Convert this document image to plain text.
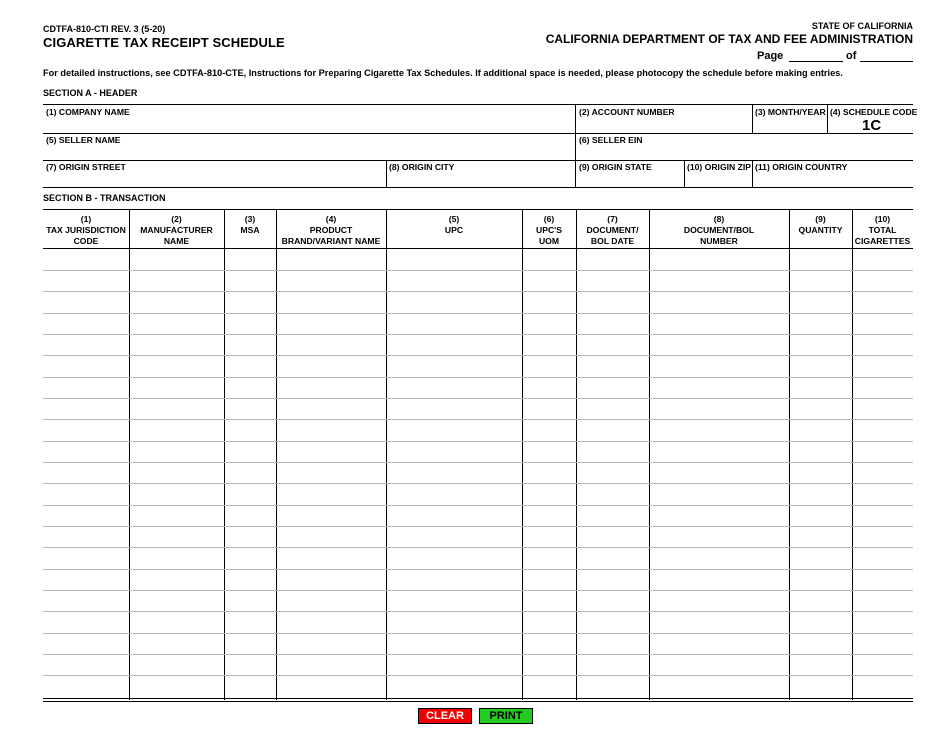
CDTFA-810-CTI REV. 3 (5-20)
CIGARETTE TAX RECEIPT SCHEDULE
STATE OF CALIFORNIA
CALIFORNIA DEPARTMENT OF TAX AND FEE ADMINISTRATION
Page	of
For detailed instructions, see CDTFA-810-CTE, Instructions for Preparing Cigarette Tax Schedules. If additional space is needed, please photocopy the schedule before making entries.
SECTION A - HEADER
(1) COMPANY NAME	(2) ACCOUNT NUMBER	(3) MONTH/YEAR (4) SCHEDULE CODE
1C
(5) SELLER NAME	(6) SELLER EIN
(7) ORIGIN STREET	(8) ORIGIN CITY	(9) ORIGIN STATE	(10) ORIGIN ZIP (11) ORIGIN COUNTRY
SECTION B - TRANSACTION
(1)
TAX JURISDICTION
CODE
(2)
MANUFACTURER
NAME
(3)
MSA
(4)
PRODUCT
BRAND/VARIANT NAME
(5)
UPC
(6)
UPC'S
UOM
(7)
DOCUMENT/
BOL DATE
(8)
DOCUMENT/BOL
NUMBER
(9)
QUANTITY
(10)
TOTAL
CIGARETTES
CLEAR	PRINT
